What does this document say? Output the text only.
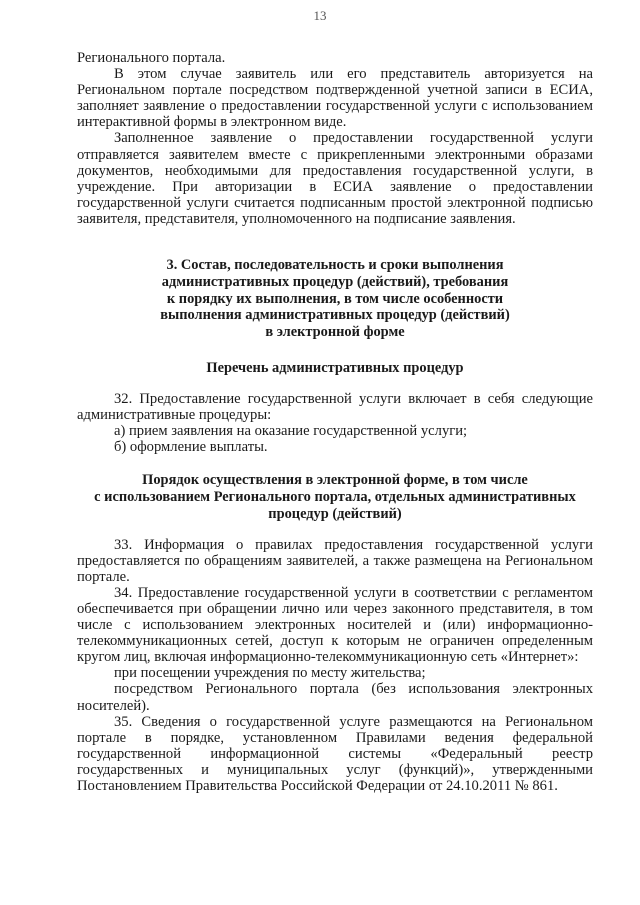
13

Регионального портала.

В этом случае заявитель или его представитель авторизуется на Региональном портале посредством подтвержденной учетной записи в ЕСИА, заполняет заявление о предоставлении государственной услуги с использованием интерактивной формы в электронном виде.

Заполненное заявление о предоставлении государственной услуги отправляется заявителем вместе с прикрепленными электронными образами документов, необходимыми для предоставления государственной услуги, в учреждение. При авторизации в ЕСИА заявление о предоставлении государственной услуги считается подписанным простой электронной подписью заявителя, представителя, уполномоченного на подписание заявления.

3. Состав, последовательность и сроки выполнения
административных процедур (действий), требования
к порядку их выполнения, в том числе особенности
выполнения административных процедур (действий)
в электронной форме
Перечень административных процедур

32. Предоставление государственной услуги включает в себя следующие административные процедуры:

а) прием заявления на оказание государственной услуги;

б) оформление выплаты.

Порядок осуществления в электронной форме, в том числе
с использованием Регионального портала, отдельных административных
процедур (действий)

33. Информация о правилах предоставления государственной услуги предоставляется по обращениям заявителей, а также размещена на Региональном портале.

34. Предоставление государственной услуги в соответствии с регламентом обеспечивается при обращении лично или через законного представителя, в том числе с использованием электронных носителей и (или) информационно-телекоммуникационных сетей, доступ к которым не ограничен определенным кругом лиц, включая информационно-телекоммуникационную сеть «Интернет»:

при посещении учреждения по месту жительства;

посредством Регионального портала (без использования электронных носителей).

35. Сведения о государственной услуге размещаются на Региональном портале в порядке, установленном Правилами ведения федеральной государственной информационной системы «Федеральный реестр государственных и муниципальных услуг (функций)», утвержденными Постановлением Правительства Российской Федерации от 24.10.2011 № 861.
